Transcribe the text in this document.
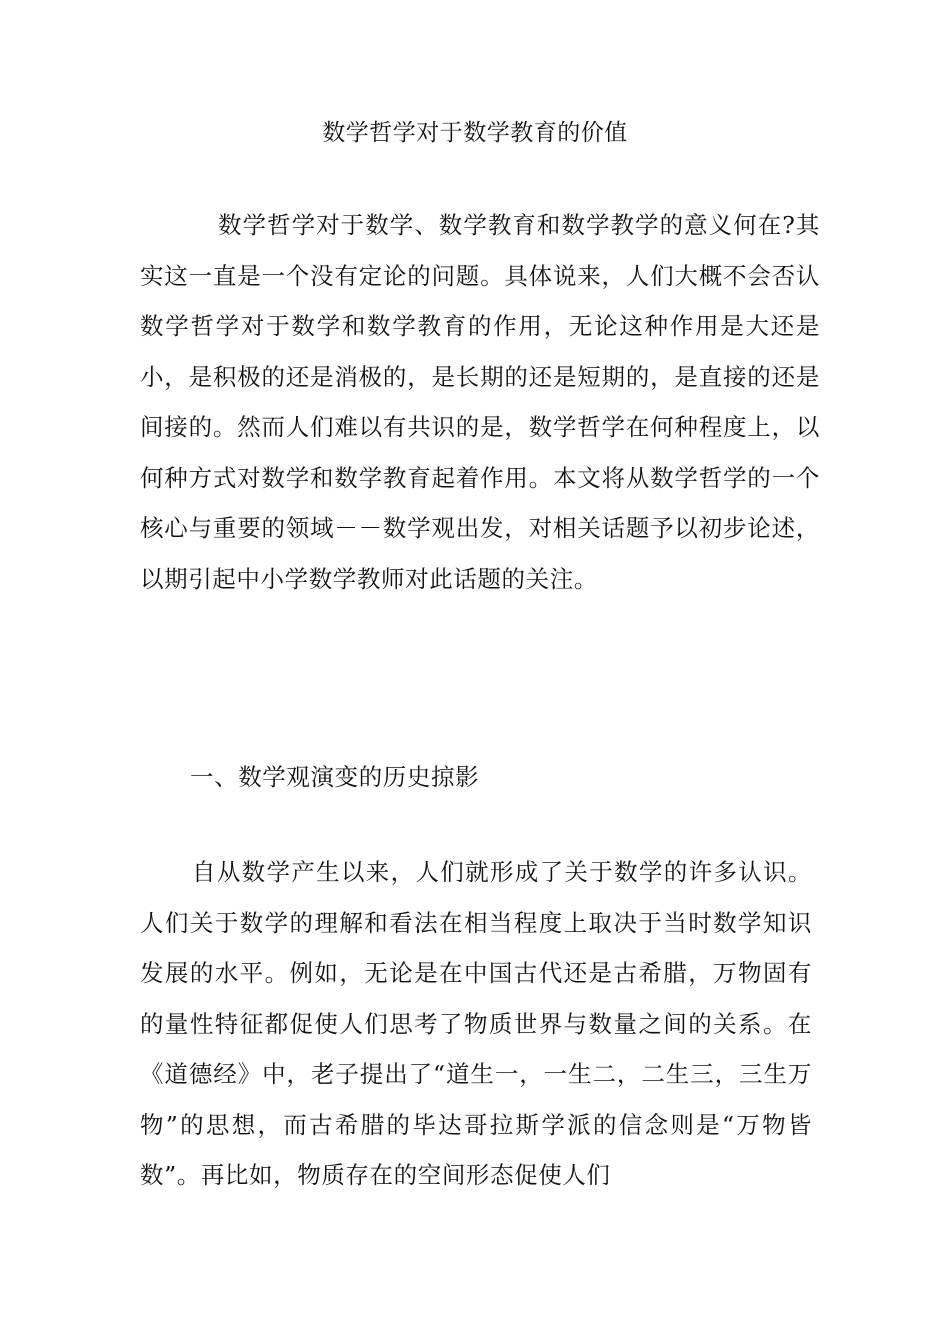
数学哲学对于数学教育的价值

数学哲学对于数学、数学教育和数学教学的意义何在?其实这一直是一个没有定论的问题。具体说来，人们大概不会否认数学哲学对于数学和数学教育的作用，无论这种作用是大还是小，是积极的还是消极的，是长期的还是短期的，是直接的还是间接的。然而人们难以有共识的是，数学哲学在何种程度上，以何种方式对数学和数学教育起着作用。本文将从数学哲学的一个核心与重要的领域－－数学观出发，对相关话题予以初步论述，以期引起中小学数学教师对此话题的关注。

一、数学观演变的历史掠影

自从数学产生以来，人们就形成了关于数学的许多认识。人们关于数学的理解和看法在相当程度上取决于当时数学知识发展的水平。例如，无论是在中国古代还是古希腊，万物固有的量性特征都促使人们思考了物质世界与数量之间的关系。在《道德经》中，老子提出了“道生一，一生二，二生三，三生万物”的思想，而古希腊的毕达哥拉斯学派的信念则是“万物皆数”。再比如，物质存在的空间形态促使人们
